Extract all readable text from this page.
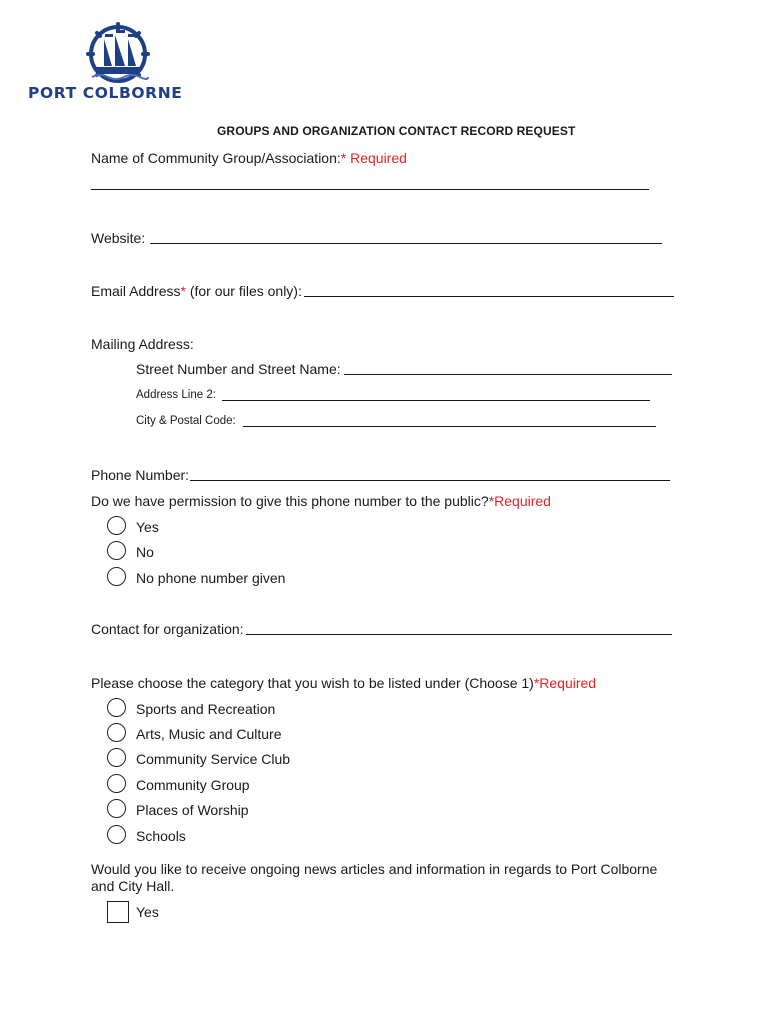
PORT COLBORNE
GROUPS AND ORGANIZATION CONTACT RECORD REQUEST
Name of Community Group/Association:* Required
Website:
Email Address* (for our files only):
Mailing Address:
Street Number and Street Name:
Address Line 2:
City & Postal Code:
Phone Number:
Do we have permission to give this phone number to the public?*Required
Yes
No
No phone number given
Contact for organization:
Please choose the category that you wish to be listed under (Choose 1)*Required
Sports and Recreation
Arts, Music and Culture
Community Service Club
Community Group
Places of Worship
Schools
Would you like to receive ongoing news articles and information in regards to Port Colborne
and City Hall.
Yes
